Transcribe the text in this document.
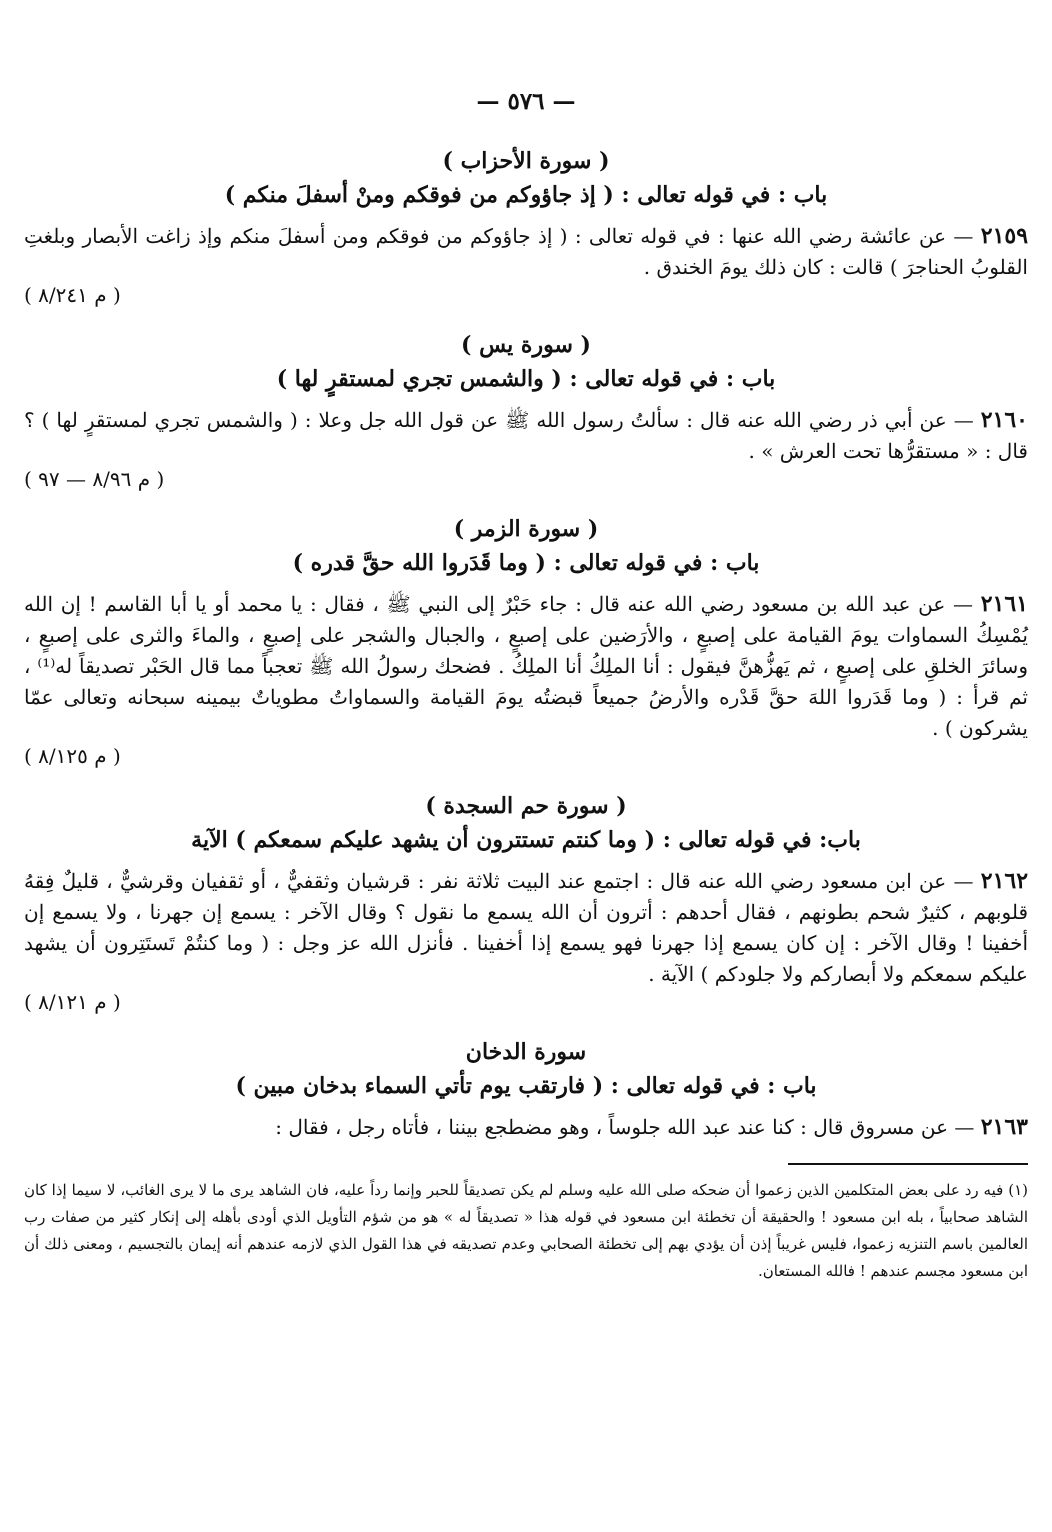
— ٥٧٦ —
( سورة الأحزاب )
باب : في قوله تعالى : ( إذ جاؤوكم من فوقكم ومنْ أسفلَ منكم )
٢١٥٩ — عن عائشة رضي الله عنها : في قوله تعالى : ( إذ جاؤوكم من فوقكم ومن أسفلَ منكم وإذ زاغت الأبصار وبلغتِ القلوبُ الحناجرَ ) قالت : كان ذلك يومَ الخندق .
( م ٨/٢٤١ )
( سورة يس )
باب : في قوله تعالى : ( والشمس تجري لمستقرٍ لها )
٢١٦٠ — عن أبي ذر رضي الله عنه قال : سألتُ رسول الله ﷺ عن قول الله جل وعلا : ( والشمس تجري لمستقرٍ لها ) ؟ قال : « مستقرُّها تحت العرش » .
( م ٨/٩٦ — ٩٧ )
( سورة الزمر )
باب : في قوله تعالى : ( وما قَدَروا الله حقَّ قدره )
٢١٦١ — عن عبد الله بن مسعود رضي الله عنه قال : جاء حَبْرٌ إلى النبي ﷺ ، فقال : يا محمد أو يا أبا القاسم ! إن الله يُمْسِكُ السماوات يومَ القيامة على إصبعٍ ، والأرَضين على إصبعٍ ، والجبال والشجر على إصبعٍ ، والماءَ والثرى على إصبعٍ ، وسائرَ الخلقِ على إصبعٍ ، ثم يَهزُّهنَّ فيقول : أنا الملِكُ أنا الملِكُ . فضحك رسولُ الله ﷺ تعجباً مما قال الحَبْر تصديقاً له⁽¹⁾ ، ثم قرأ : ( وما قَدَروا اللهَ حقَّ قَدْره والأرضُ جميعاً قبضتُه يومَ القيامة والسماواتُ مطوياتٌ بيمينه سبحانه وتعالى عمّا يشركون ) .
( م ٨/١٢٥ )
( سورة حم السجدة )
باب: في قوله تعالى : ( وما كنتم تستترون أن يشهد عليكم سمعكم ) الآية
٢١٦٢ — عن ابن مسعود رضي الله عنه قال : اجتمع عند البيت ثلاثة نفر : قرشيان وثقفيٌّ ، أو ثقفيان وقرشيٌّ ، قليلٌ فِقهُ قلوبهم ، كثيرٌ شحم بطونهم ، فقال أحدهم : أترون أن الله يسمع ما نقول ؟ وقال الآخر : يسمع إن جهرنا ، ولا يسمع إن أخفينا ! وقال الآخر : إن كان يسمع إذا جهرنا فهو يسمع إذا أخفينا . فأنزل الله عز وجل : ( وما كنتُمْ تَستَتِرون أن يشهد عليكم سمعكم ولا أبصاركم ولا جلودكم ) الآية .
( م ٨/١٢١ )
سورة الدخان
باب : في قوله تعالى : ( فارتقب يوم تأتي السماء بدخان مبين )
٢١٦٣ — عن مسروق قال : كنا عند عبد الله جلوساً ، وهو مضطجع بيننا ، فأتاه رجل ، فقال :
(١) فيه رد على بعض المتكلمين الذين زعموا أن ضحكه صلى الله عليه وسلم لم يكن تصديقاً للحبر وإنما رداً عليه، فان الشاهد يرى ما لا يرى الغائب، لا سيما إذا كان الشاهد صحابياً ، بله ابن مسعود ! والحقيقة أن تخطئة ابن مسعود في قوله هذا « تصديقاً له » هو من شؤم التأويل الذي أودى بأهله إلى إنكار كثير من صفات رب العالمين باسم التنزيه زعموا، فليس غريباً إذن أن يؤدي بهم إلى تخطئة الصحابي وعدم تصديقه في هذا القول الذي لازمه عندهم أنه إيمان بالتجسيم ، ومعنى ذلك أن ابن مسعود مجسم عندهم ! فالله المستعان.
